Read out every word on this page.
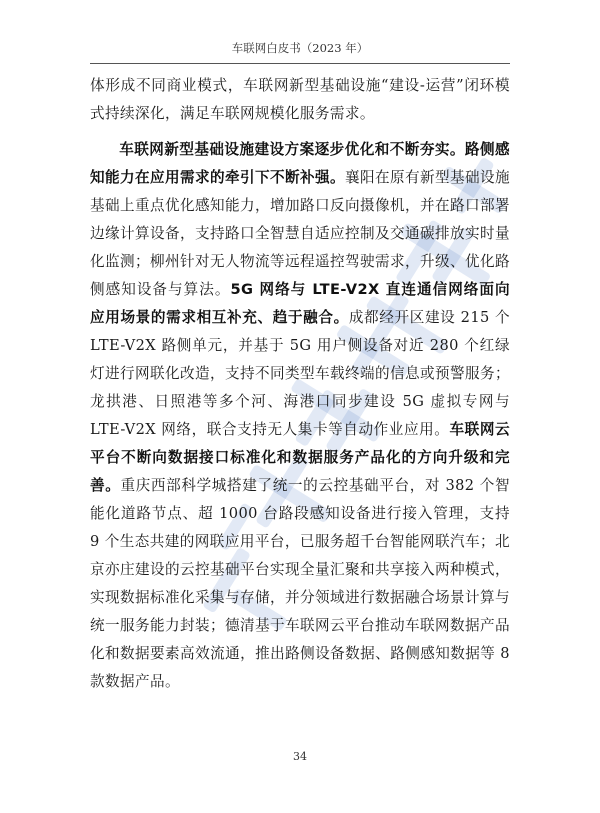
车联网白皮书（2023 年）

体形成不同商业模式，车联网新型基础设施“建设-运营”闭环模式持续深化，满足车联网规模化服务需求。

车联网新型基础设施建设方案逐步优化和不断夯实。路侧感知能力在应用需求的牵引下不断补强。襄阳在原有新型基础设施基础上重点优化感知能力，增加路口反向摄像机，并在路口部署边缘计算设备，支持路口全智慧自适应控制及交通碳排放实时量化监测；柳州针对无人物流等远程遥控驾驶需求，升级、优化路侧感知设备与算法。5G 网络与 LTE-V2X 直连通信网络面向应用场景的需求相互补充、趋于融合。成都经开区建设 215 个 LTE-V2X 路侧单元，并基于 5G 用户侧设备对近 280 个红绿灯进行网联化改造，支持不同类型车载终端的信息或预警服务；龙拱港、日照港等多个河、海港口同步建设 5G 虚拟专网与 LTE-V2X 网络，联合支持无人集卡等自动作业应用。车联网云平台不断向数据接口标准化和数据服务产品化的方向升级和完善。重庆西部科学城搭建了统一的云控基础平台，对 382 个智能化道路节点、超 1000 台路段感知设备进行接入管理，支持 9 个生态共建的网联应用平台，已服务超千台智能网联汽车；北京亦庄建设的云控基础平台实现全量汇聚和共享接入两种模式，实现数据标准化采集与存储，并分领域进行数据融合场景计算与统一服务能力封装；德清基于车联网云平台推动车联网数据产品化和数据要素高效流通，推出路侧设备数据、路侧感知数据等 8 款数据产品。

34
